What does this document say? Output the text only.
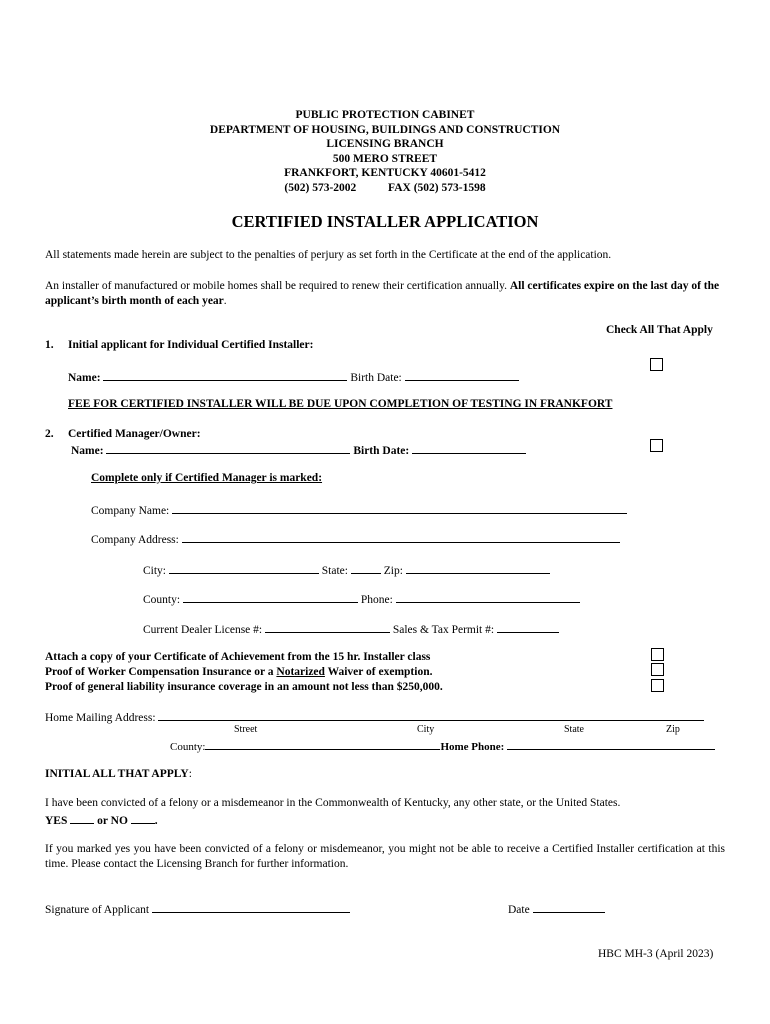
PUBLIC PROTECTION CABINET
DEPARTMENT OF HOUSING, BUILDINGS AND CONSTRUCTION
LICENSING BRANCH
500 MERO STREET
FRANKFORT, KENTUCKY 40601-5412
(502) 573-2002	FAX (502) 573-1598
CERTIFIED INSTALLER APPLICATION
All statements made herein are subject to the penalties of perjury as set forth in the Certificate at the end of the application.
An installer of manufactured or mobile homes shall be required to renew their certification annually. All certificates expire on the last day of the applicant’s birth month of each year.
Check All That Apply
1. Initial applicant for Individual Certified Installer:
Name:	Birth Date:
FEE FOR CERTIFIED INSTALLER WILL BE DUE UPON COMPLETION OF TESTING IN FRANKFORT
2. Certified Manager/Owner:
Name:	Birth Date:
Complete only if Certified Manager is marked:
Company Name:
Company Address:
City:	State:	Zip:
County:	Phone:
Current Dealer License #:	Sales & Tax Permit #:
Attach a copy of your Certificate of Achievement from the 15 hr. Installer class
Proof of Worker Compensation Insurance or a Notarized Waiver of exemption.
Proof of general liability insurance coverage in an amount not less than $250,000.
Home Mailing Address:
Street	City	State	Zip
County:	Home Phone:
INITIAL ALL THAT APPLY:
I have been convicted of a felony or a misdemeanor in the Commonwealth of Kentucky, any other state, or the United States.
YES	or NO .
If you marked yes you have been convicted of a felony or misdemeanor, you might not be able to receive a Certified Installer certification at this time. Please contact the Licensing Branch for further information.
Signature of Applicant	Date
HBC MH-3 (April 2023)
